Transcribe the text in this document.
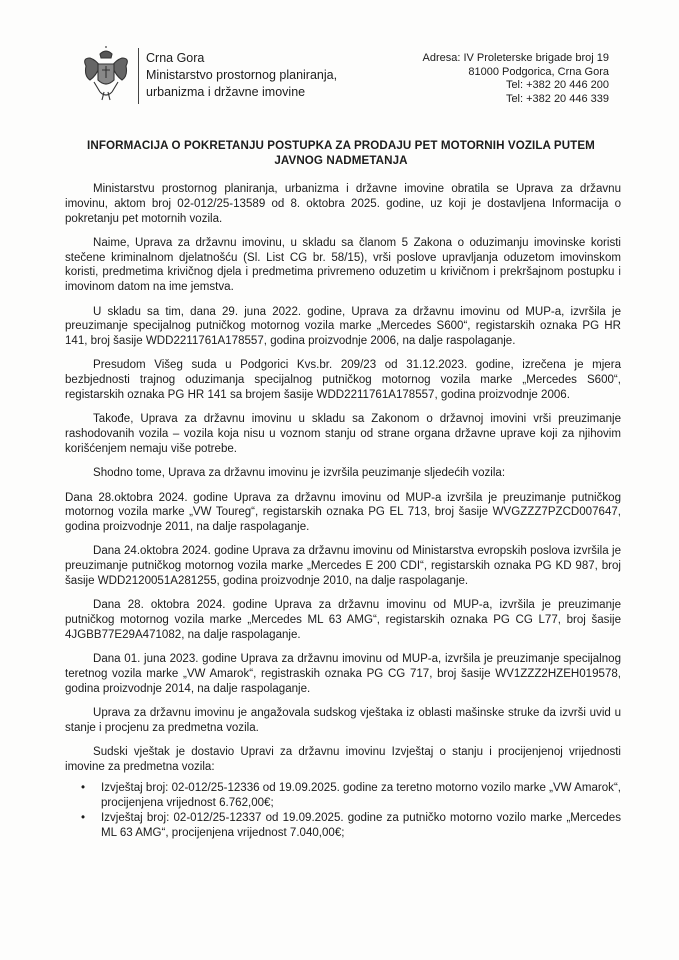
Crna Gora
Ministarstvo prostornog planiranja,
urbanizma i državne imovine
Adresa: IV Proleterske brigade broj 19
81000 Podgorica, Crna Gora
Tel: +382 20 446 200
Tel: +382 20 446 339
INFORMACIJA O POKRETANJU POSTUPKA ZA PRODAJU PET MOTORNIH VOZILA PUTEM
JAVNOG NADMETANJA

Ministarstvu prostornog planiranja, urbanizma i državne imovine obratila se Uprava za državnu imovinu, aktom broj 02-012/25-13589 od 8. oktobra 2025. godine, uz koji je dostavljena Informacija o pokretanju pet motornih vozila.

Naime, Uprava za državnu imovinu, u skladu sa članom 5 Zakona o oduzimanju imovinske koristi stečene kriminalnom djelatnošću (Sl. List CG br. 58/15), vrši poslove upravljanja oduzetom imovinskom koristi, predmetima krivičnog djela i predmetima privremeno oduzetim u krivičnom i prekršajnom postupku i imovinom datom na ime jemstva.

U skladu sa tim, dana 29. juna 2022. godine, Uprava za državnu imovinu od MUP-a, izvršila je preuzimanje specijalnog putničkog motornog vozila marke „Mercedes S600“, registarskih oznaka PG HR 141, broj šasije WDD2211761A178557, godina proizvodnje 2006, na dalje raspolaganje.

Presudom Višeg suda u Podgorici Kvs.br. 209/23 od 31.12.2023. godine, izrečena je mjera bezbjednosti trajnog oduzimanja specijalnog putničkog motornog vozila marke „Mercedes S600“, registarskih oznaka PG HR 141 sa brojem šasije WDD2211761A178557, godina proizvodnje 2006.

Takođe, Uprava za državnu imovinu u skladu sa Zakonom o državnoj imovini vrši preuzimanje rashodovanih vozila – vozila koja nisu u voznom stanju od strane organa državne uprave koji za njihovim korišćenjem nemaju više potrebe.

Shodno tome, Uprava za državnu imovinu je izvršila peuzimanje sljedećih vozila:

Dana 28.oktobra 2024. godine Uprava za državnu imovinu od MUP-a izvršila je preuzimanje putničkog motornog vozila marke „VW Toureg“, registarskih oznaka PG EL 713, broj šasije WVGZZZ7PZCD007647, godina proizvodnje 2011, na dalje raspolaganje.

Dana 24.oktobra 2024. godine Uprava za državnu imovinu od Ministarstva evropskih poslova izvršila je preuzimanje putničkog motornog vozila marke „Mercedes E 200 CDI“, registarskih oznaka PG KD 987, broj šasije WDD2120051A281255, godina proizvodnje 2010, na dalje raspolaganje.

Dana 28. oktobra 2024. godine Uprava za državnu imovinu od MUP-a, izvršila je preuzimanje putničkog motornog vozila marke „Mercedes ML 63 AMG“, registarskih oznaka PG CG L77, broj šasije 4JGBB77E29A471082, na dalje raspolaganje.

Dana 01. juna 2023. godine Uprava za državnu imovinu od MUP-a, izvršila je preuzimanje specijalnog teretnog vozila marke „VW Amarok“, registraskih oznaka PG CG 717, broj šasije WV1ZZZ2HZEH019578, godina proizvodnje 2014, na dalje raspolaganje.

Uprava za državnu imovinu je angažovala sudskog vještaka iz oblasti mašinske struke da izvrši uvid u stanje i procjenu za predmetna vozila.

Sudski vještak je dostavio Upravi za državnu imovinu Izvještaj o stanju i procijenjenoj vrijednosti imovine za predmetna vozila:

• Izvještaj broj: 02-012/25-12336 od 19.09.2025. godine za teretno motorno vozilo marke „VW Amarok“, procijenjena vrijednost 6.762,00€;
• Izvještaj broj: 02-012/25-12337 od 19.09.2025. godine za putničko motorno vozilo marke „Mercedes ML 63 AMG“, procijenjena vrijednost 7.040,00€;
